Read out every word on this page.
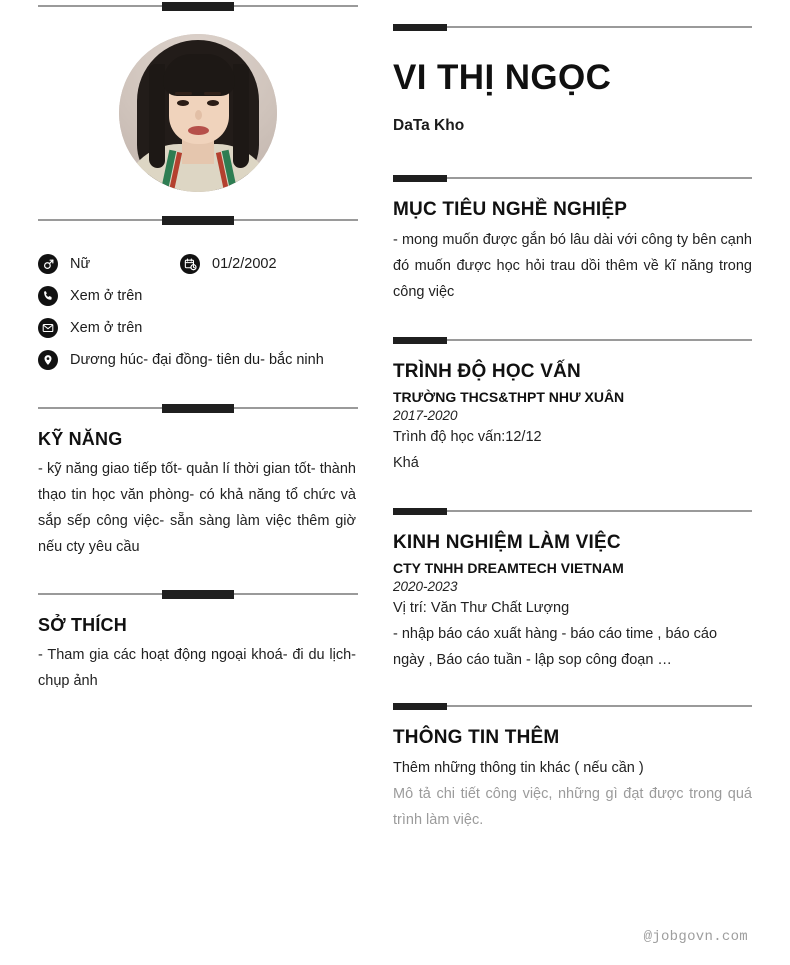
Nữ	01/2/2002
Xem ở trên
Xem ở trên
Dương húc- đại đồng- tiên du- bắc ninh
KỸ NĂNG

- kỹ năng giao tiếp tốt- quản lí thời gian tốt- thành thạo tin học văn phòng- có khả năng tổ chức và sắp sếp công việc- sẵn sàng làm việc thêm giờ nếu cty yêu cầu

SỞ THÍCH

- Tham gia các hoạt động ngoại khoá- đi du lịch- chụp ảnh

VI THỊ NGỌC
DaTa Kho
MỤC TIÊU NGHỀ NGHIỆP

- mong muốn được gắn bó lâu dài với công ty bên cạnh đó muốn được học hỏi trau dồi thêm về kĩ năng trong công việc

TRÌNH ĐỘ HỌC VẤN
TRƯỜNG THCS&THPT NHƯ XUÂN
2017-2020
Trình độ học vấn:12/12
Khá
KINH NGHIỆM LÀM VIỆC
CTY TNHH DREAMTECH VIETNAM
2020-2023
Vị trí: Văn Thư Chất Lượng

- nhập báo cáo xuất hàng - báo cáo time , báo cáo ngày , Báo cáo tuần - lập sop công đoạn …

THÔNG TIN THÊM
Thêm những thông tin khác ( nếu cần )

Mô tả chi tiết công việc, những gì đạt được trong quá trình làm việc.

@jobgovn.com
